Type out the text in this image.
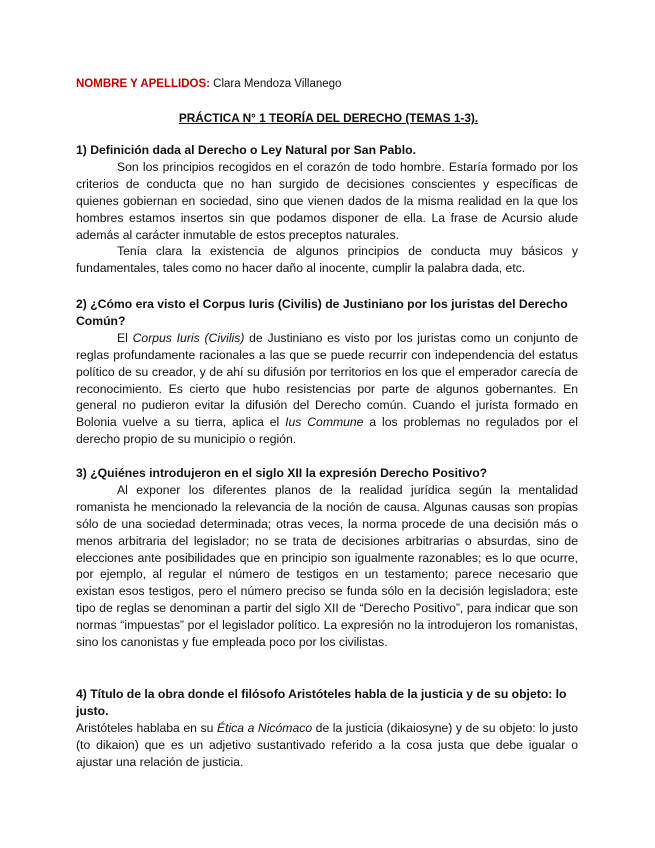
NOMBRE Y APELLIDOS: Clara Mendoza Villanego
PRÁCTICA N° 1 TEORÍA DEL DERECHO (TEMAS 1-3).
1) Definición dada al Derecho o Ley Natural por San Pablo.
Son los principios recogidos en el corazón de todo hombre. Estaría formado por los criterios de conducta que no han surgido de decisiones conscientes y específicas de quienes gobiernan en sociedad, sino que vienen dados de la misma realidad en la que los hombres estamos insertos sin que podamos disponer de ella. La frase de Acursio alude además al carácter inmutable de estos preceptos naturales.
Tenía clara la existencia de algunos principios de conducta muy básicos y fundamentales, tales como no hacer daño al inocente, cumplir la palabra dada, etc.
2) ¿Cómo era visto el Corpus Iuris (Civilis) de Justiniano por los juristas del Derecho Común?
El Corpus Iuris (Civilis) de Justiniano es visto por los juristas como un conjunto de reglas profundamente racionales a las que se puede recurrir con independencia del estatus político de su creador, y de ahí su difusión por territorios en los que el emperador carecía de reconocimiento. Es cierto que hubo resistencias por parte de algunos gobernantes. En general no pudieron evitar la difusión del Derecho común. Cuando el jurista formado en Bolonia vuelve a su tierra, aplica el Ius Commune a los problemas no regulados por el derecho propio de su municipio o región.
3) ¿Quiénes introdujeron en el siglo XII la expresión Derecho Positivo?
Al exponer los diferentes planos de la realidad jurídica según la mentalidad romanista he mencionado la relevancia de la noción de causa. Algunas causas son propias sólo de una sociedad determinada; otras veces, la norma procede de una decisión más o menos arbitraria del legislador; no se trata de decisiones arbitrarias o absurdas, sino de elecciones ante posibilidades que en principio son igualmente razonables; es lo que ocurre, por ejemplo, al regular el número de testigos en un testamento; parece necesario que existan esos testigos, pero el número preciso se funda sólo en la decisión legisladora; este tipo de reglas se denominan a partir del siglo XII de “Derecho Positivo”, para indicar que son normas “impuestas” por el legislador político. La expresión no la introdujeron los romanistas, sino los canonistas y fue empleada poco por los civilistas.
4) Título de la obra donde el filósofo Aristóteles habla de la justicia y de su objeto: lo justo.
Aristóteles hablaba en su Ética a Nicómaco de la justicia (dikaiosyne) y de su objeto: lo justo (to dikaion) que es un adjetivo sustantivado referido a la cosa justa que debe igualar o ajustar una relación de justicia.
